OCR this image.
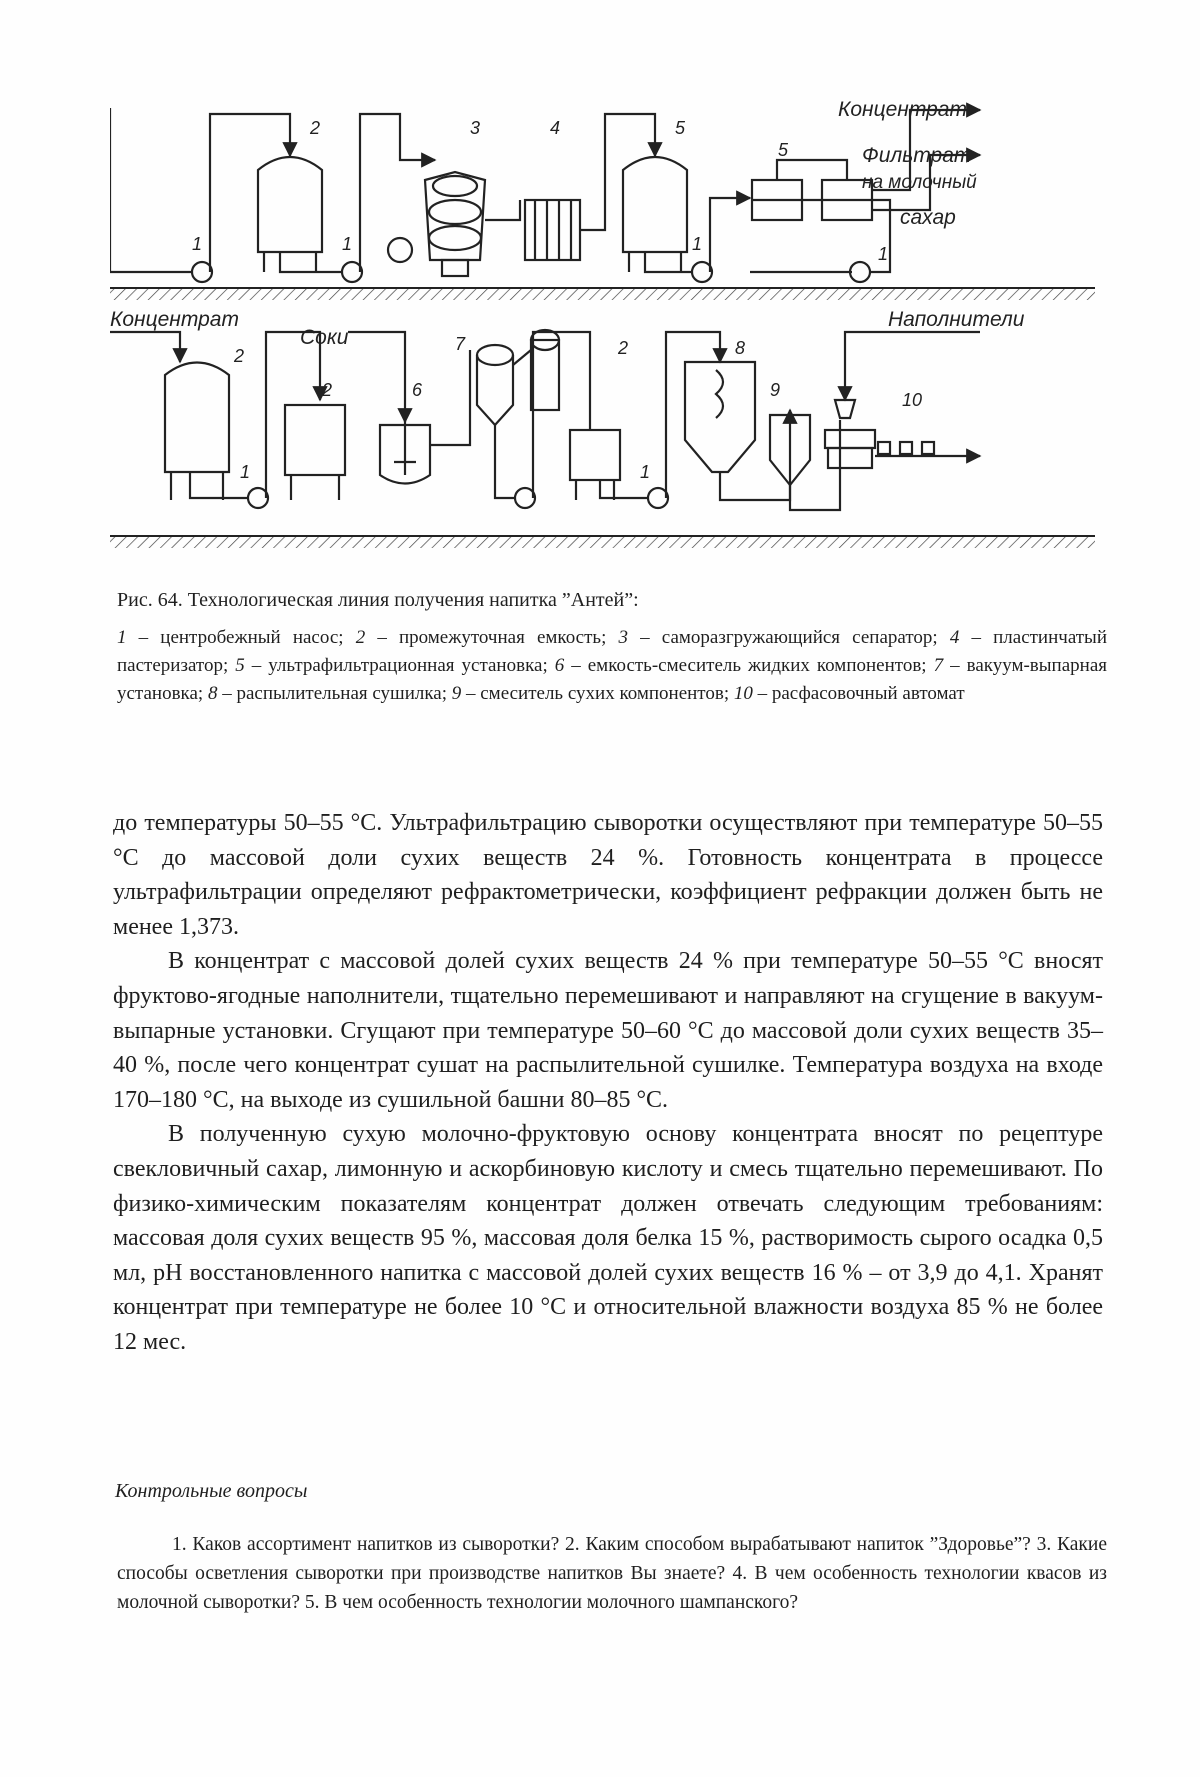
Концентрат
Фильтрат
на молочный
сахар
Концентрат
Соки
Наполнители
1
2
1
3	4	5
1
5
1
2
1
2	6
7	2
1
8
9	10
Рис. 64. Технологическая линия получения напитка ”Антей”:
1 – центробежный насос; 2 – промежуточная емкость; 3 – саморазгружающийся сепаратор; 4 – пластинчатый пастеризатор; 5 – ультрафильтрационная установка; 6 – емкость-смеситель жидких компонентов; 7 – вакуум-выпарная установка; 8 – распылительная сушилка; 9 – смеситель сухих компонентов; 10 – расфасовочный автомат

до температуры 50–55 °С. Ультрафильтрацию сыворотки осуществляют при температуре 50–55 °С до массовой доли сухих веществ 24 %. Готовность концентрата в процессе ультрафильтрации определяют рефрактометрически, коэффициент рефракции должен быть не менее 1,373.

В концентрат с массовой долей сухих веществ 24 % при температуре 50–55 °С вносят фруктово-ягодные наполнители, тщательно перемешивают и направляют на сгущение в вакуум-выпарные установки. Сгущают при температуре 50–60 °С до массовой доли сухих веществ 35–40 %, после чего концентрат сушат на распылительной сушилке. Температура воздуха на входе 170–180 °С, на выходе из сушильной башни 80–85 °С.

В полученную сухую молочно-фруктовую основу концентрата вносят по рецептуре свекловичный сахар, лимонную и аскорбиновую кислоту и смесь тщательно перемешивают. По физико-химическим показателям концентрат должен отвечать следующим требованиям: массовая доля сухих веществ 95 %, массовая доля белка 15 %, растворимость сырого осадка 0,5 мл, pH восстановленного напитка с массовой долей сухих веществ 16 % – от 3,9 до 4,1. Хранят концентрат при температуре не более 10 °С и относительной влажности воздуха 85 % не более 12 мес.

Контрольные вопросы
1. Каков ассортимент напитков из сыворотки? 2. Каким способом вырабатывают напиток ”Здоровье”? 3. Какие способы осветления сыворотки при производстве напитков Вы знаете? 4. В чем особенность технологии квасов из молочной сыворотки? 5. В чем особенность технологии молочного шампанского?
